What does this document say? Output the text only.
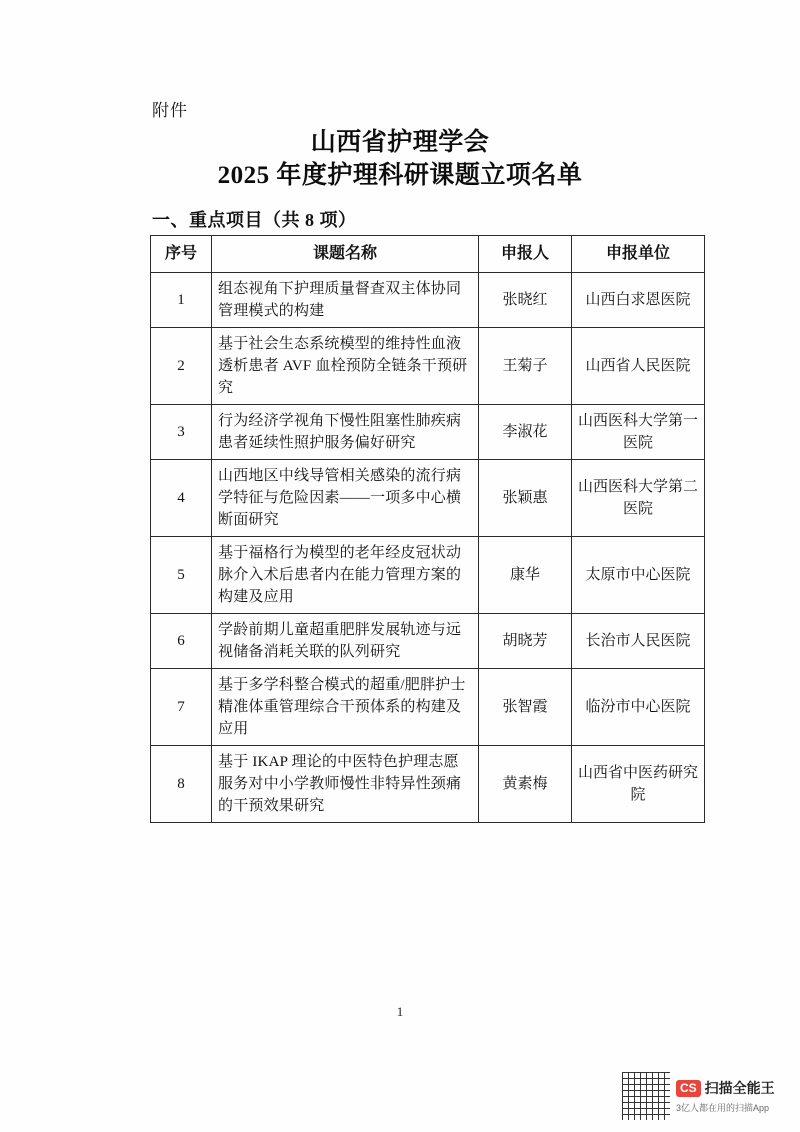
附件
山西省护理学会
2025 年度护理科研课题立项名单
一、重点项目（共 8 项）
序号	课题名称	申报人	申报单位
1	组态视角下护理质量督查双主体协同管理模式的构建	张晓红	山西白求恩医院
2	基于社会生态系统模型的维持性血液透析患者 AVF 血栓预防全链条干预研究	王菊子	山西省人民医院
3	行为经济学视角下慢性阻塞性肺疾病患者延续性照护服务偏好研究	李淑花	山西医科大学第一医院
4	山西地区中线导管相关感染的流行病学特征与危险因素——一项多中心横断面研究	张颖惠	山西医科大学第二医院
5	基于福格行为模型的老年经皮冠状动脉介入术后患者内在能力管理方案的构建及应用	康华	太原市中心医院
6	学龄前期儿童超重肥胖发展轨迹与远视储备消耗关联的队列研究	胡晓芳	长治市人民医院
7	基于多学科整合模式的超重/肥胖护士精准体重管理综合干预体系的构建及应用	张智霞	临汾市中心医院
8	基于 IKAP 理论的中医特色护理志愿服务对中小学教师慢性非特异性颈痛的干预效果研究	黄素梅	山西省中医药研究院
1
CS 扫描全能王
3亿人都在用的扫描App
